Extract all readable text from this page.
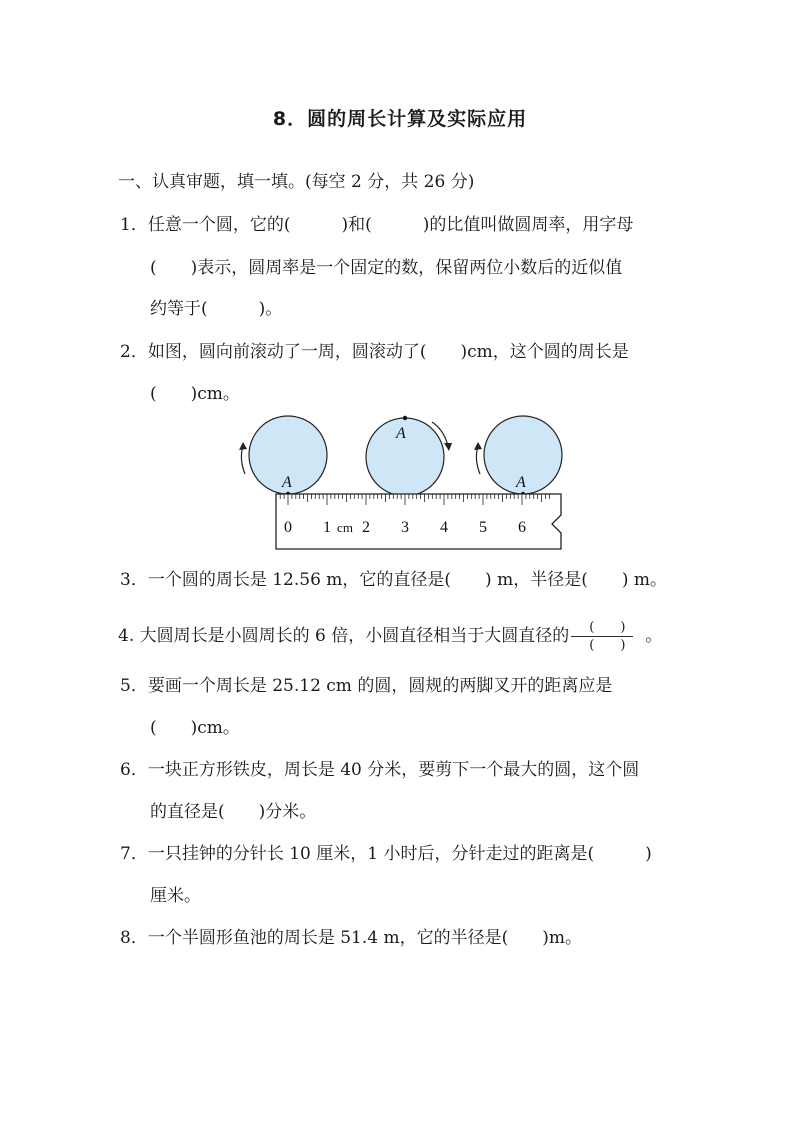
8．圆的周长计算及实际应用
一、认真审题，填一填。(每空 2 分，共 26 分)
1．任意一个圆，它的(　　　)和(　　　)的比值叫做圆周率，用字母
(　　)表示，圆周率是一个固定的数，保留两位小数后的近似值
约等于(　　　)。
2．如图，圆向前滚动了一周，圆滚动了(　　)cm，这个圆的周长是
(　　)cm。
A
A
A
0 1 2 3 4 5 6
cm
3．一个圆的周长是 12.56 m，它的直径是(　　) m，半径是(　　) m。
4. 大圆周长是小圆周长的 6 倍，小圆直径相当于大圆直径的 $\frac{( )}{( )}$ 。
5．要画一个周长是 25.12 cm 的圆，圆规的两脚叉开的距离应是
(　　)cm。
6．一块正方形铁皮，周长是 40 分米，要剪下一个最大的圆，这个圆
的直径是(　　)分米。
7．一只挂钟的分针长 10 厘米，1 小时后，分针走过的距离是(　　　)
厘米。
8．一个半圆形鱼池的周长是 51.4 m，它的半径是(　　)m。
